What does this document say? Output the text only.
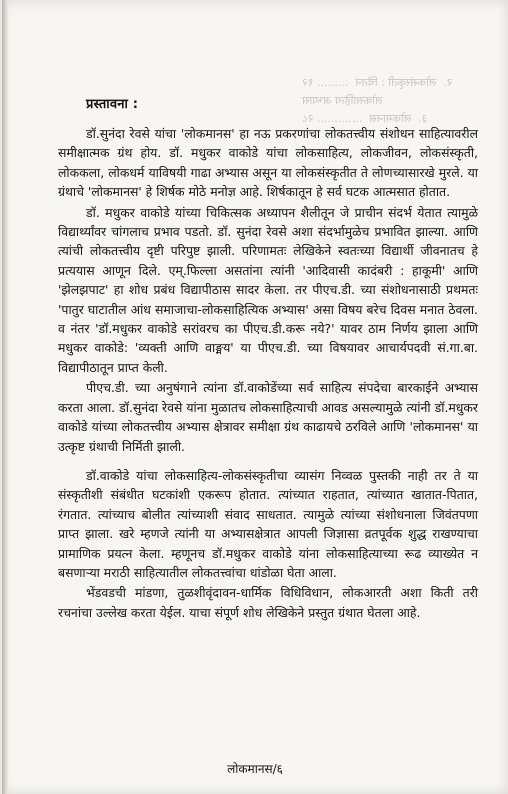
२.  लोकसंस्कृती : चिंतन  ......... १२
लोकसाहित्य अभ्यास
३.  लोकमानस  ............. २८
प्रस्तावना :

डॉ.सुनंदा रेवसे यांचा 'लोकमानस' हा नऊ प्रकरणांचा लोकतत्त्वीय संशोधन साहित्यावरील समीक्षात्मक ग्रंथ होय. डॉ. मधुकर वाकोडे यांचा लोकसाहित्य, लोकजीवन, लोकसंस्कृती, लोककला, लोकधर्म याविषयी गाढा अभ्यास असून या लोकसंस्कृतीत ते लोणच्यासारखे मुरले. या ग्रंथाचे 'लोकमानस' हे शिर्षक मोठे मनोज्ञ आहे. शिर्षकातून हे सर्व घटक आत्मसात होतात.

डॉ. मधुकर वाकोडे यांच्या चिकित्सक अध्यापन शैलीतून जे प्राचीन संदर्भ येतात त्यामुळे विद्यार्थ्यांवर चांगलाच प्रभाव पडतो. डॉ. सुनंदा रेवसे अशा संदर्भामुळेच प्रभावित झाल्या. आणि त्यांची लोकतत्त्वीय दृष्टी परिपुष्ट झाली. परिणामतः लेखिकेने स्वतःच्या विद्यार्थी जीवनातच हे प्रत्ययास आणून दिले. एम्.फिल्‍ला असतांना त्यांनी 'आदिवासी कादंबरी : हाकूमी' आणि 'झेलझपाट' हा शोध प्रबंध विद्यापीठास सादर केला. तर पीएच.डी. च्या संशोधनासाठी प्रथमतः 'पातुर घाटातील आंध समाजाचा-लोकसाहित्यिक अभ्यास' असा विषय बरेच दिवस मनात ठेवला. व नंतर 'डॉ.मधुकर वाकोडे सरांवरच का पीएच.डी.करू नये?' यावर ठाम निर्णय झाला आणि मधुकर वाकोडे: 'व्यक्ती आणि वाङ्मय' या पीएच.डी. च्या विषयावर आचार्यपदवी सं.गा.बा. विद्यापीठातून प्राप्त केली.

पीएच.डी. च्या अनुषंगाने त्यांना डॉ.वाकोडेंच्या सर्व साहित्य संपदेचा बारकाईने अभ्यास करता आला. डॉ.सुनंदा रेवसे यांना मुळातच लोकसाहित्याची आवड असल्यामुळे त्यांनी डॉ.मधुकर वाकोडे यांच्या लोकतत्त्वीय अभ्यास क्षेत्रावर समीक्षा ग्रंथ काढायचे ठरविले आणि 'लोकमानस' या उत्कृष्ट ग्रंथाची निर्मिती झाली.

डॉ.वाकोडे यांचा लोकसाहित्य-लोकसंस्कृतीचा व्यासंग निव्वळ पुस्तकी नाही तर ते या संस्कृतीशी संबंधीत घटकांशी एकरूप होतात. त्यांच्यात राहतात, त्यांच्यात खातात-पितात, रंगतात. त्यांच्याच बोलीत त्यांच्याशी संवाद साधतात. त्यामुळे त्यांच्या संशोधनाला जिवंतपणा प्राप्त झाला. खरे म्हणजे त्यांनी या अभ्यासक्षेत्रात आपली जिज्ञासा व्रतपूर्वक शुद्ध राखण्याचा प्रामाणिक प्रयत्न केला. म्हणूनच डॉ.मधुकर वाकोडे यांना लोकसाहित्याच्या रूढ व्याख्येत न बसणाऱ्या मराठी साहित्यातील लोकतत्त्वांचा धांडोळा घेता आला.

भेंडवडची मांडणा, तुळशीवृंदावन-धार्मिक विधिविधान, लोकआरती अशा किती तरी रचनांचा उल्लेख करता येईल. याचा संपूर्ण शोध लेखिकेने प्रस्तुत ग्रंथात घेतला आहे.

लोकमानस/६
